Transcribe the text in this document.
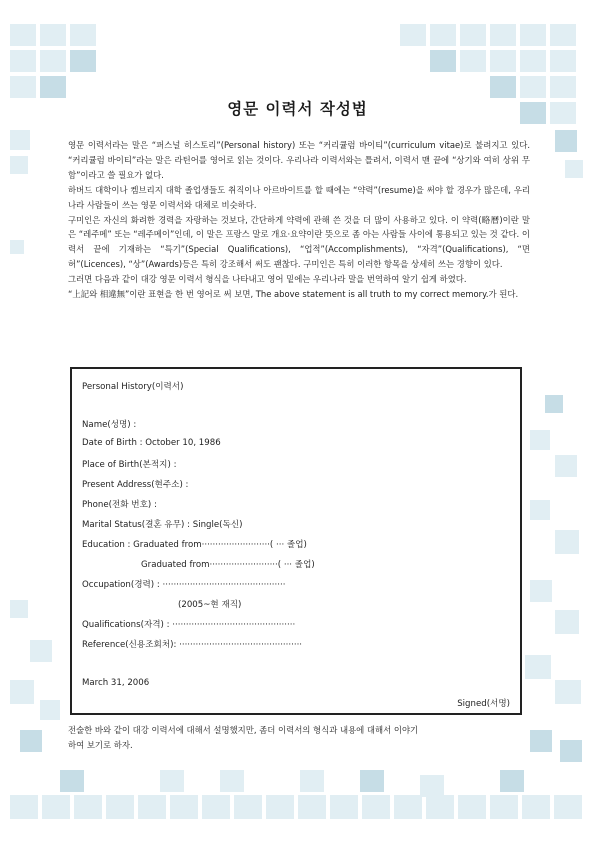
영문 이력서 작성법

영문 이력서라는 말은 “퍼스널 히스토리”(Personal history) 또는 “커리큘럼 바이티”(curriculum vitae)로 불려지고 있다. “커리큘럼 바이티”라는 말은 라틴어를 영어로 읽는 것이다. 우리나라 이력서와는 틀려서, 이력서 맨 끝에 “상기와 여히 상위 무함”이라고 쓸 필요가 없다.

하버드 대학이나 켐브리지 대학 졸업생들도 취직이나 아르바이트를 할 때에는 “약력”(resume)을 써야 할 경우가 많은데, 우리나라 사람들이 쓰는 영문 이력서와 대체로 비슷하다.

구미인은 자신의 화려한 경력을 자랑하는 것보다, 간단하게 약력에 관해 쓴 것을 더 많이 사용하고 있다. 이 약력(略曆)이란 말은 “레주메” 또는 “레주메이”인데, 이 말은 프랑스 말로 개요·요약이란 뜻으로 좀 아는 사람들 사이에 통용되고 있는 것 같다. 이력서 끝에 기재하는 “특기”(Special Qualifications), “업적”(Accomplishments), “자격”(Qualifications), “면허”(Licences), “상”(Awards)등은 특히 강조해서 써도 괜찮다. 구미인은 특히 이러한 항목을 상세히 쓰는 경향이 있다.

그러면 다음과 같이 대강 영문 이력서 형식을 나타내고 영어 밑에는 우리나라 말을 번역하여 알기 쉽게 하였다.

“上記와 相違無”이란 표현을 한 번 영어로 써 보면, The above statement is all truth to my correct memory.가 된다.

Personal History(이력서)
Name(성명) :
Date of Birth : October 10, 1986
Place of Birth(본적지) :
Present Address(현주소) :
Phone(전화 번호) :
Marital Status(결혼 유무) : Single(독신)
Education : Graduated from·························( ··· 졸업)
Graduated from·························( ··· 졸업)
Occupation(경력) : ·············································
(2005~현 재직)
Qualifications(자격) : ·············································
Reference(신용조회처): ·············································
March 31, 2006
Signed(서명)

전술한 바와 같이 대강 이력서에 대해서 설명했지만, 좀더 이력서의 형식과 내용에 대해서 이야기

하여 보기로 하자.
